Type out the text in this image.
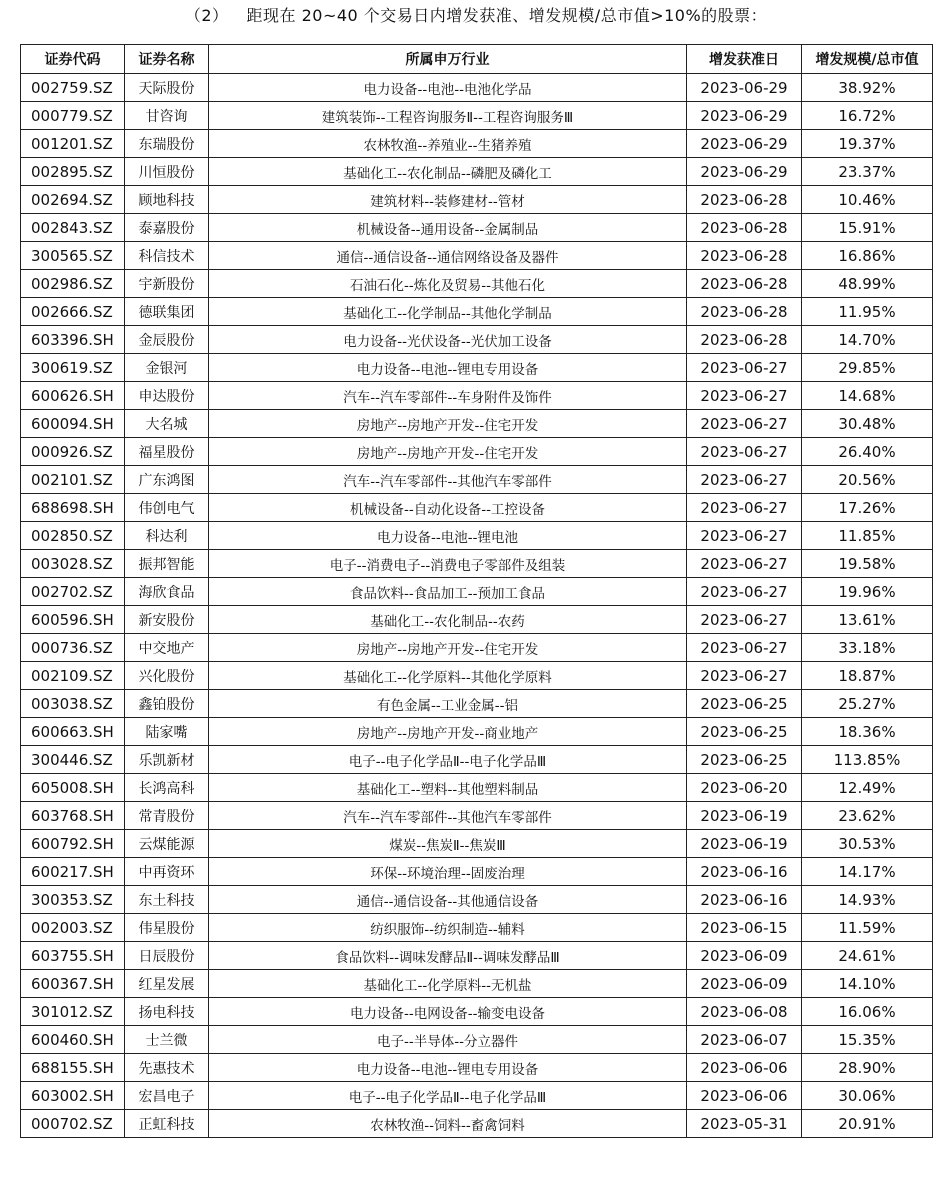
（2） 距现在 20~40 个交易日内增发获准、增发规模/总市值>10%的股票：
证券代码	证券名称	所属申万行业	增发获准日	增发规模/总市值
002759.SZ	天际股份	电力设备--电池--电池化学品	2023-06-29	38.92%
000779.SZ	甘咨询	建筑装饰--工程咨询服务Ⅱ--工程咨询服务Ⅲ	2023-06-29	16.72%
001201.SZ	东瑞股份	农林牧渔--养殖业--生猪养殖	2023-06-29	19.37%
002895.SZ	川恒股份	基础化工--农化制品--磷肥及磷化工	2023-06-29	23.37%
002694.SZ	顾地科技	建筑材料--装修建材--管材	2023-06-28	10.46%
002843.SZ	泰嘉股份	机械设备--通用设备--金属制品	2023-06-28	15.91%
300565.SZ	科信技术	通信--通信设备--通信网络设备及器件	2023-06-28	16.86%
002986.SZ	宇新股份	石油石化--炼化及贸易--其他石化	2023-06-28	48.99%
002666.SZ	德联集团	基础化工--化学制品--其他化学制品	2023-06-28	11.95%
603396.SH	金辰股份	电力设备--光伏设备--光伏加工设备	2023-06-28	14.70%
300619.SZ	金银河	电力设备--电池--锂电专用设备	2023-06-27	29.85%
600626.SH	申达股份	汽车--汽车零部件--车身附件及饰件	2023-06-27	14.68%
600094.SH	大名城	房地产--房地产开发--住宅开发	2023-06-27	30.48%
000926.SZ	福星股份	房地产--房地产开发--住宅开发	2023-06-27	26.40%
002101.SZ	广东鸿图	汽车--汽车零部件--其他汽车零部件	2023-06-27	20.56%
688698.SH	伟创电气	机械设备--自动化设备--工控设备	2023-06-27	17.26%
002850.SZ	科达利	电力设备--电池--锂电池	2023-06-27	11.85%
003028.SZ	振邦智能	电子--消费电子--消费电子零部件及组装	2023-06-27	19.58%
002702.SZ	海欣食品	食品饮料--食品加工--预加工食品	2023-06-27	19.96%
600596.SH	新安股份	基础化工--农化制品--农药	2023-06-27	13.61%
000736.SZ	中交地产	房地产--房地产开发--住宅开发	2023-06-27	33.18%
002109.SZ	兴化股份	基础化工--化学原料--其他化学原料	2023-06-27	18.87%
003038.SZ	鑫铂股份	有色金属--工业金属--铝	2023-06-25	25.27%
600663.SH	陆家嘴	房地产--房地产开发--商业地产	2023-06-25	18.36%
300446.SZ	乐凯新材	电子--电子化学品Ⅱ--电子化学品Ⅲ	2023-06-25	113.85%
605008.SH	长鸿高科	基础化工--塑料--其他塑料制品	2023-06-20	12.49%
603768.SH	常青股份	汽车--汽车零部件--其他汽车零部件	2023-06-19	23.62%
600792.SH	云煤能源	煤炭--焦炭Ⅱ--焦炭Ⅲ	2023-06-19	30.53%
600217.SH	中再资环	环保--环境治理--固废治理	2023-06-16	14.17%
300353.SZ	东土科技	通信--通信设备--其他通信设备	2023-06-16	14.93%
002003.SZ	伟星股份	纺织服饰--纺织制造--辅料	2023-06-15	11.59%
603755.SH	日辰股份	食品饮料--调味发酵品Ⅱ--调味发酵品Ⅲ	2023-06-09	24.61%
600367.SH	红星发展	基础化工--化学原料--无机盐	2023-06-09	14.10%
301012.SZ	扬电科技	电力设备--电网设备--输变电设备	2023-06-08	16.06%
600460.SH	士兰微	电子--半导体--分立器件	2023-06-07	15.35%
688155.SH	先惠技术	电力设备--电池--锂电专用设备	2023-06-06	28.90%
603002.SH	宏昌电子	电子--电子化学品Ⅱ--电子化学品Ⅲ	2023-06-06	30.06%
000702.SZ	正虹科技	农林牧渔--饲料--畜禽饲料	2023-05-31	20.91%
